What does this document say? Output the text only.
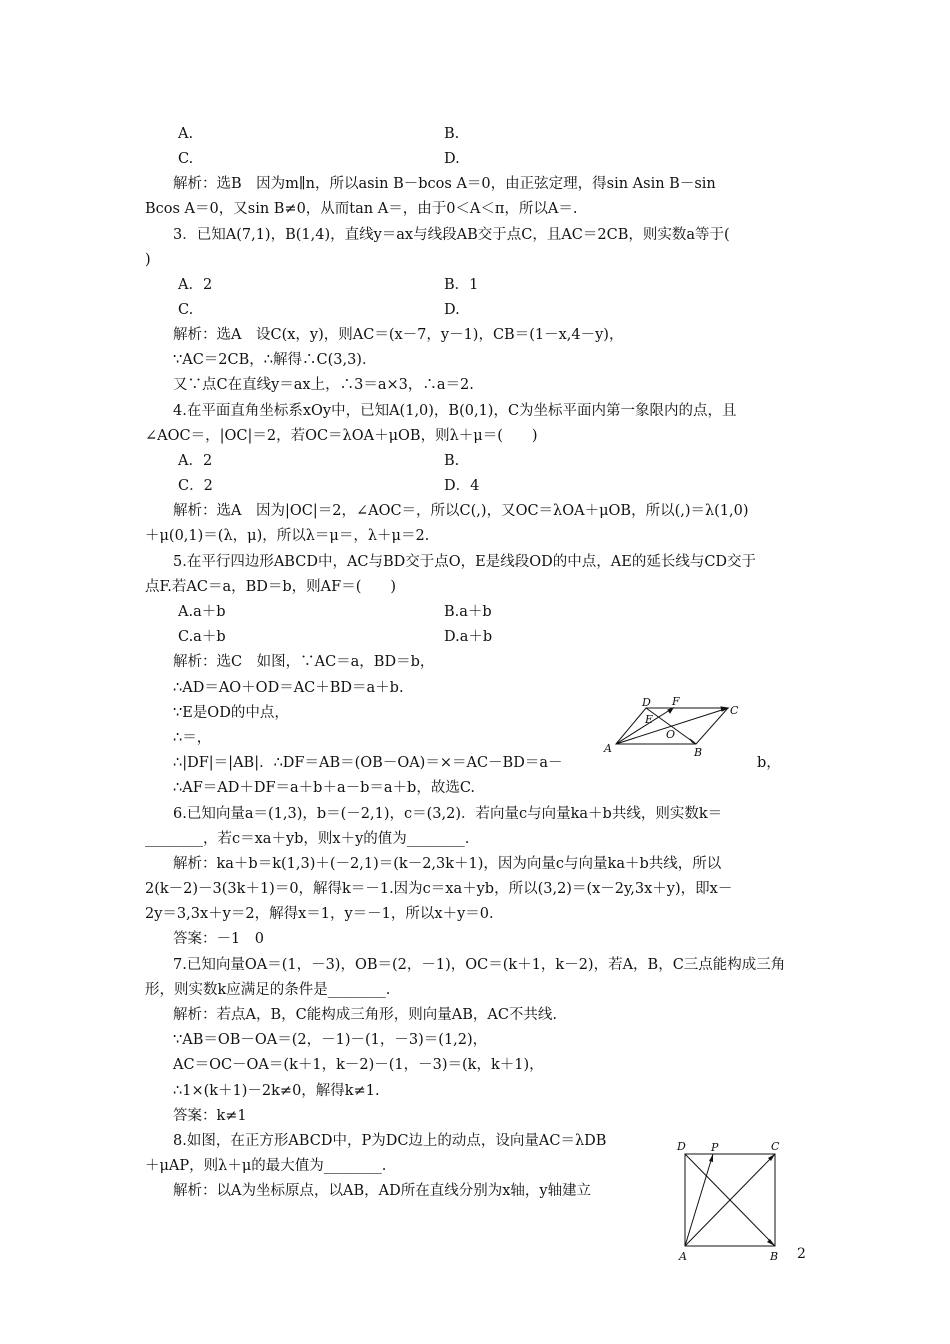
A.	B.
C.	D.
解析：选B　因为m∥n，所以asin B－bcos A＝0，由正弦定理，得sin Asin B－sin
Bcos A＝0，又sin B≠0，从而tan A＝，由于0＜A＜π，所以A＝.
3．已知A(7,1)，B(1,4)，直线y＝ax与线段AB交于点C，且AC＝2CB，则实数a等于(
)
A．2	B．1
C.	D.
解析：选A　设C(x，y)，则AC＝(x－7，y－1)，CB＝(1－x,4－y)，
∵AC＝2CB，∴解得∴C(3,3)．
又∵点C在直线y＝ax上，∴3＝a×3，∴a＝2.
4.在平面直角坐标系xOy中，已知A(1,0)，B(0,1)，C为坐标平面内第一象限内的点，且
∠AOC＝，|OC|＝2，若OC＝λOA＋μOB，则λ＋μ＝(　　)
A．2	B.
C．2	D．4
解析：选A　因为|OC|＝2，∠AOC＝，所以C(,)，又OC＝λOA＋μOB，所以(,)＝λ(1,0)
＋μ(0,1)＝(λ，μ)，所以λ＝μ＝，λ＋μ＝2.
5.在平行四边形ABCD中，AC与BD交于点O，E是线段OD的中点，AE的延长线与CD交于
点F.若AC＝a，BD＝b，则AF＝(　　)
A.a＋b	B.a＋b
C.a＋b	D.a＋b
解析：选C　如图，∵AC＝a，BD＝b，
∴AD＝AO＋OD＝AC＋BD＝a＋b.
∵E是OD的中点，
∴＝，
∴|DF|＝|AB|．∴DF＝AB＝(OB－OA)＝×＝AC－BD＝a－
∴AF＝AD＋DF＝a＋b＋a－b＝a＋b，故选C.
6.已知向量a＝(1,3)，b＝(－2,1)，c＝(3,2)．若向量c与向量ka＋b共线，则实数k＝
________，若c＝xa＋yb，则x＋y的值为________.
解析：ka＋b＝k(1,3)＋(－2,1)＝(k－2,3k＋1)，因为向量c与向量ka＋b共线，所以
2(k－2)－3(3k＋1)＝0，解得k＝－1.因为c＝xa＋yb，所以(3,2)＝(x－2y,3x＋y)，即x－
2y＝3,3x＋y＝2，解得x＝1，y＝－1，所以x＋y＝0.
答案：－1　0
7.已知向量OA＝(1，－3)，OB＝(2，－1)，OC＝(k＋1，k－2)，若A，B，C三点能构成三角
形，则实数k应满足的条件是________.
解析：若点A，B，C能构成三角形，则向量AB，AC不共线.
∵AB＝OB－OA＝(2，－1)－(1，－3)＝(1,2)，
AC＝OC－OA＝(k＋1，k－2)－(1，－3)＝(k，k＋1)，
∴1×(k＋1)－2k≠0，解得k≠1.
答案：k≠1
8.如图，在正方形ABCD中，P为DC边上的动点，设向量AC＝λDB
＋μAP，则λ＋μ的最大值为________.
解析：以A为坐标原点，以AB，AD所在直线分别为x轴，y轴建立
b，
A	B
C
D
E
F
O
D P	C
A	B 2
